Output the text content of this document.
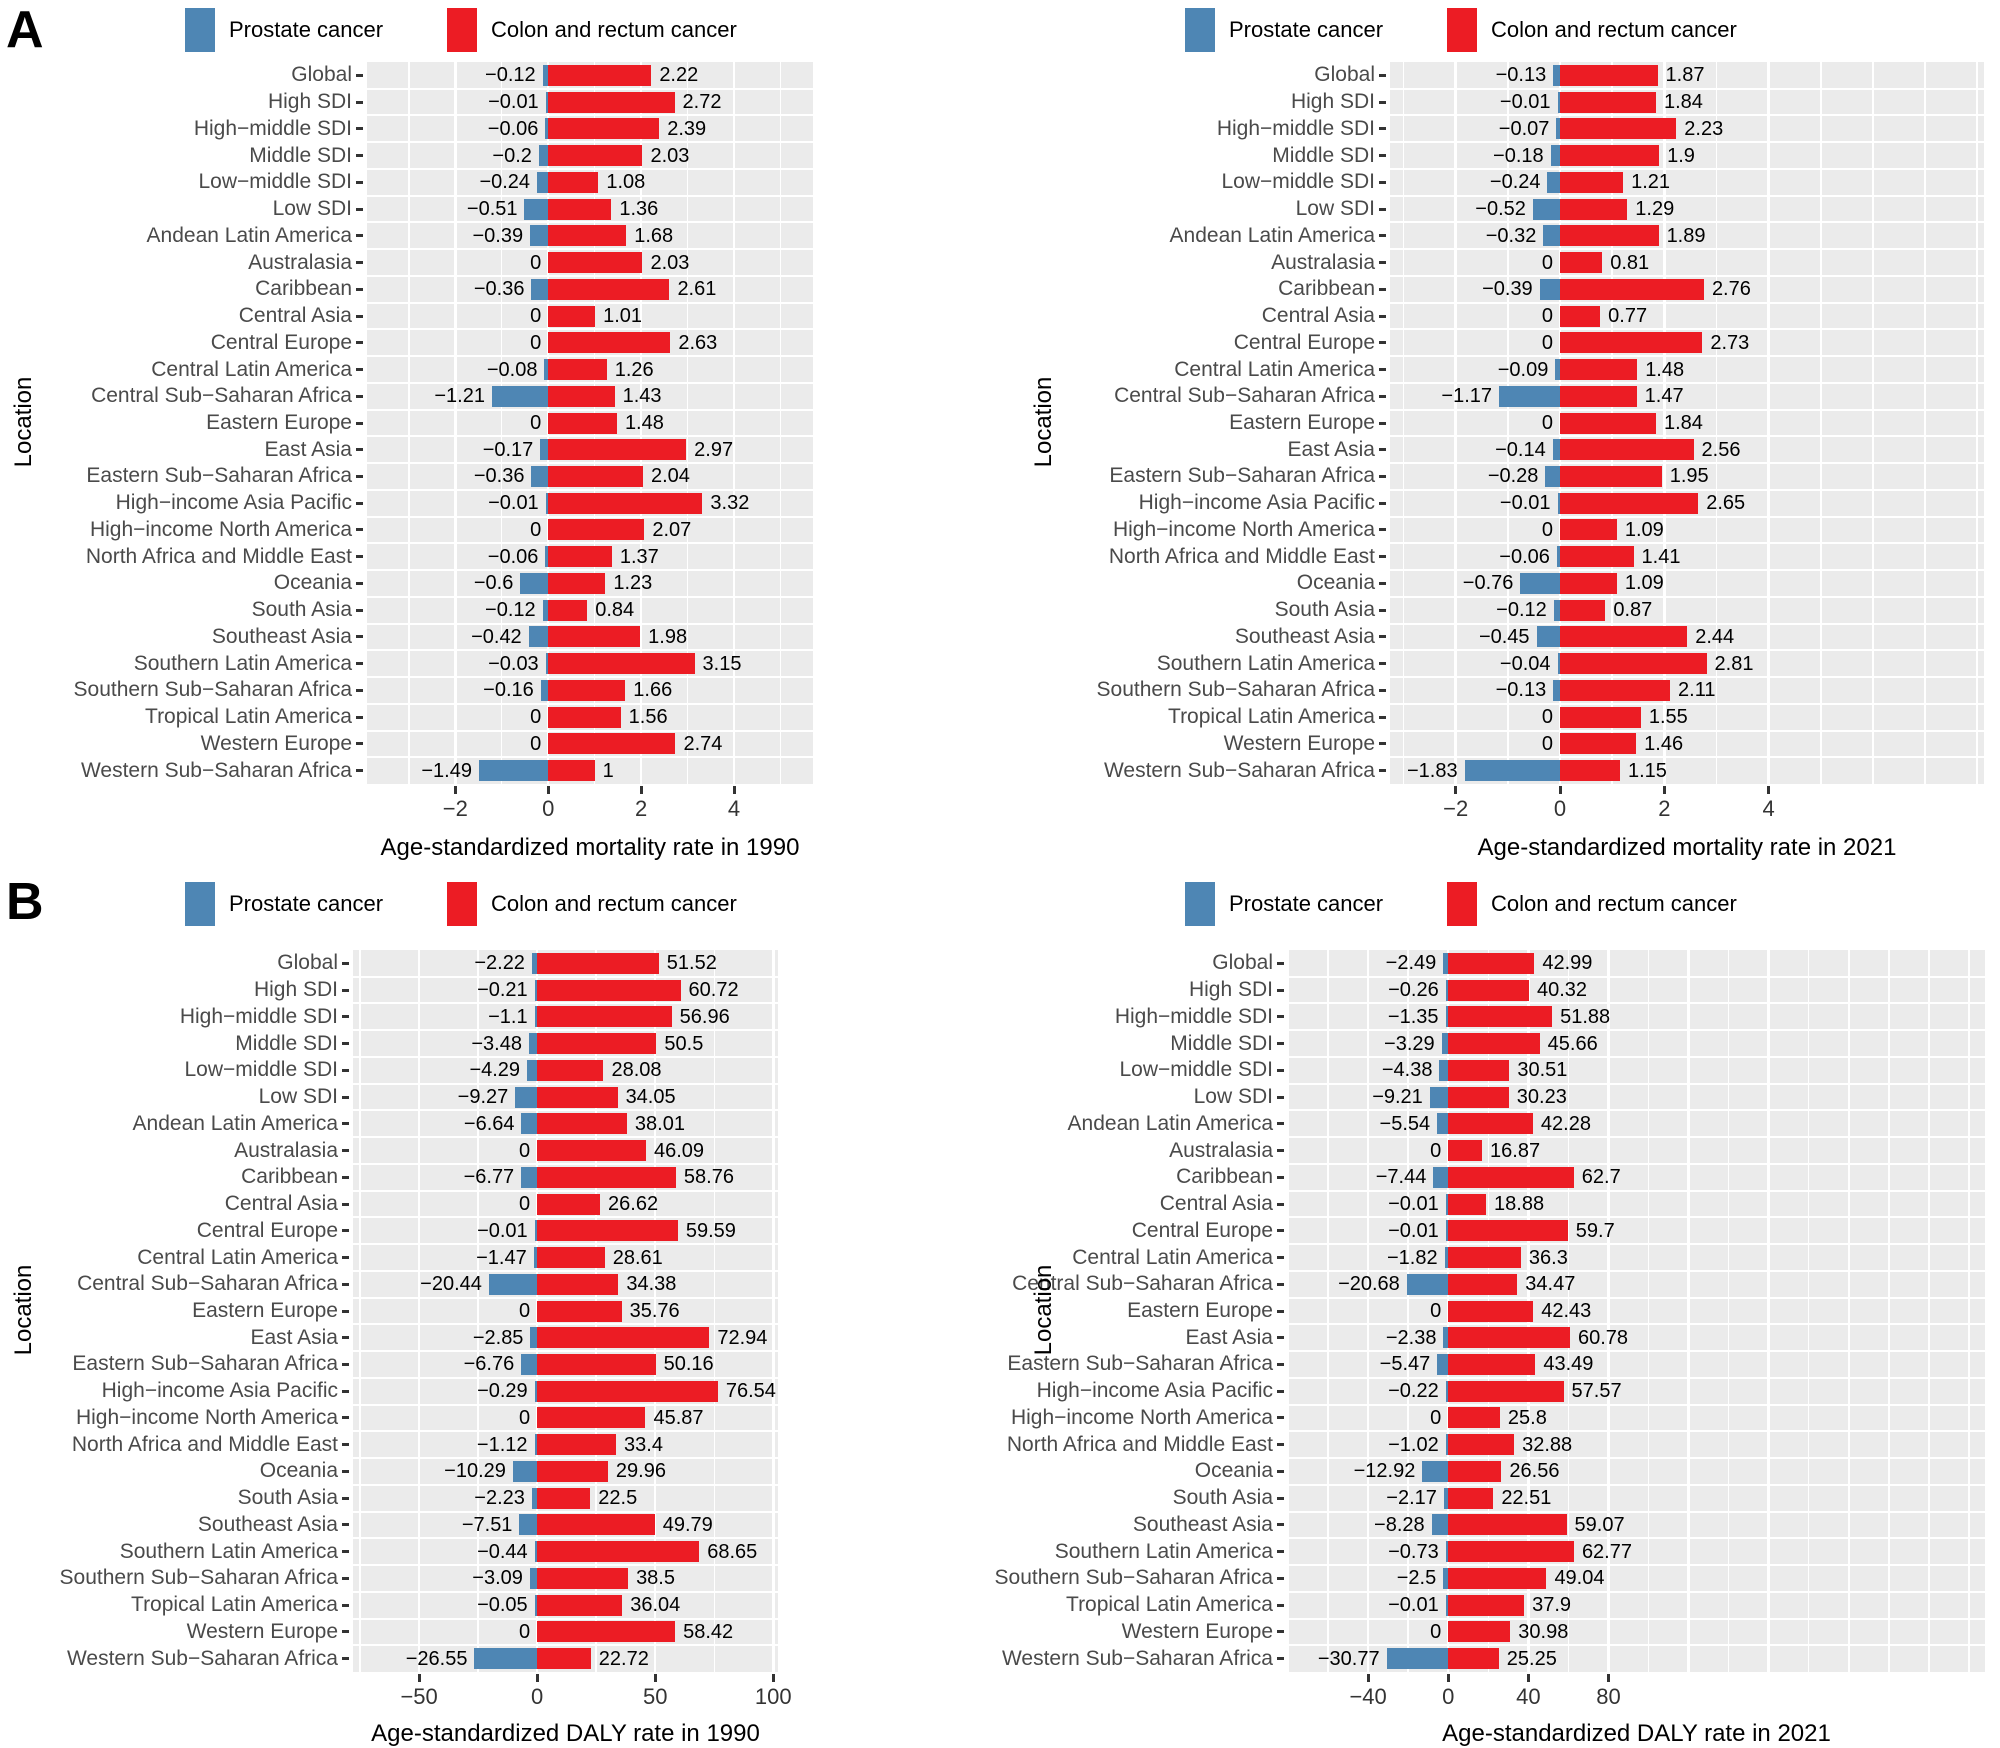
A
B
Prostate cancer	Colon and rectum cancer
Global	−0.12	2.22
High SDI	−0.01	2.72
High−middle SDI	−0.06	2.39
Middle SDI	−0.2	2.03
Low−middle SDI	−0.24	1.08
Low SDI	−0.51	1.36
Andean Latin America	−0.39	1.68
Australasia	0	2.03
Caribbean	−0.36	2.61
Central Asia	0	1.01
Central Europe	0	2.63
Central Latin America	−0.08	1.26
Central Sub−Saharan Africa	−1.21	1.43
Eastern Europe	0	1.48
East Asia	−0.17	2.97
Eastern Sub−Saharan Africa	−0.36	2.04
High−income Asia Pacific	−0.01	3.32
High−income North America	0	2.07
North Africa and Middle East	−0.06	1.37
Oceania	−0.6	1.23
South Asia	−0.12	0.84
Southeast Asia	−0.42	1.98
Southern Latin America	−0.03	3.15
Southern Sub−Saharan Africa	−0.16	1.66
Tropical Latin America	0	1.56
Western Europe	0	2.74
Western Sub−Saharan Africa	−1.49	1
−2	0	2	4
Age-standardized mortality rate in 1990
Location
Prostate cancer	Colon and rectum cancer
Global	−0.13	1.87
High SDI	−0.01	1.84
High−middle SDI	−0.07	2.23
Middle SDI	−0.18	1.9
Low−middle SDI	−0.24	1.21
Low SDI	−0.52	1.29
Andean Latin America	−0.32	1.89
Australasia	0	0.81
Caribbean	−0.39	2.76
Central Asia	0	0.77
Central Europe	0	2.73
Central Latin America	−0.09	1.48
Central Sub−Saharan Africa	−1.17	1.47
Eastern Europe	0	1.84
East Asia	−0.14	2.56
Eastern Sub−Saharan Africa	−0.28	1.95
High−income Asia Pacific	−0.01	2.65
High−income North America	0	1.09
North Africa and Middle East	−0.06	1.41
Oceania	−0.76	1.09
South Asia	−0.12	0.87
Southeast Asia	−0.45	2.44
Southern Latin America	−0.04	2.81
Southern Sub−Saharan Africa	−0.13	2.11
Tropical Latin America	0	1.55
Western Europe	0	1.46
Western Sub−Saharan Africa −1.83	1.15
−2	0	2	4
Age-standardized mortality rate in 2021
Location
Prostate cancer	Colon and rectum cancer
Global	−2.22	51.52
High SDI	−0.21	60.72
High−middle SDI	−1.1	56.96
Middle SDI	−3.48	50.5
Low−middle SDI	−4.29	28.08
Low SDI	−9.27	34.05
Andean Latin America	−6.64	38.01
Australasia	0	46.09
Caribbean	−6.77	58.76
Central Asia	0	26.62
Central Europe	−0.01	59.59
Central Latin America	−1.47	28.61
Central Sub−Saharan Africa	−20.44	34.38
Eastern Europe	0	35.76
East Asia	−2.85	72.94
Eastern Sub−Saharan Africa	−6.76	50.16
High−income Asia Pacific	−0.29	76.54
High−income North America	0	45.87
North Africa and Middle East	−1.12	33.4
Oceania	−10.29	29.96
South Asia	−2.23	22.5
Southeast Asia	−7.51	49.79
Southern Latin America	−0.44	68.65
Southern Sub−Saharan Africa	−3.09	38.5
Tropical Latin America	−0.05	36.04
Western Europe	0	58.42
Western Sub−Saharan Africa	−26.55	22.72
−50	0	50	100
Age-standardized DALY rate in 1990
Location
Prostate cancer	Colon and rectum cancer
Global	−2.49	42.99
High SDI	−0.26	40.32
High−middle SDI	−1.35	51.88
Middle SDI	−3.29	45.66
Low−middle SDI	−4.38	30.51
Low SDI	−9.21	30.23
Andean Latin America	−5.54	42.28
Australasia	0 16.87
Caribbean	−7.44	62.7
Central Asia	−0.01	18.88
Central Europe	−0.01	59.7
Central Latin America	−1.82	36.3
Central Sub−Saharan Africa	−20.68	34.47
Eastern Europe	0	42.43
East Asia	−2.38	60.78
Eastern Sub−Saharan Africa	−5.47	43.49
High−income Asia Pacific	−0.22	57.57
High−income North America	0	25.8
North Africa and Middle East	−1.02	32.88
Oceania	−12.92	26.56
South Asia	−2.17	22.51
Southeast Asia	−8.28	59.07
Southern Latin America	−0.73	62.77
Southern Sub−Saharan Africa	−2.5	49.04
Tropical Latin America	−0.01	37.9
Western Europe	0	30.98
Western Sub−Saharan Africa −30.77	25.25
−40	0	40	80
Age-standardized DALY rate in 2021
Location
